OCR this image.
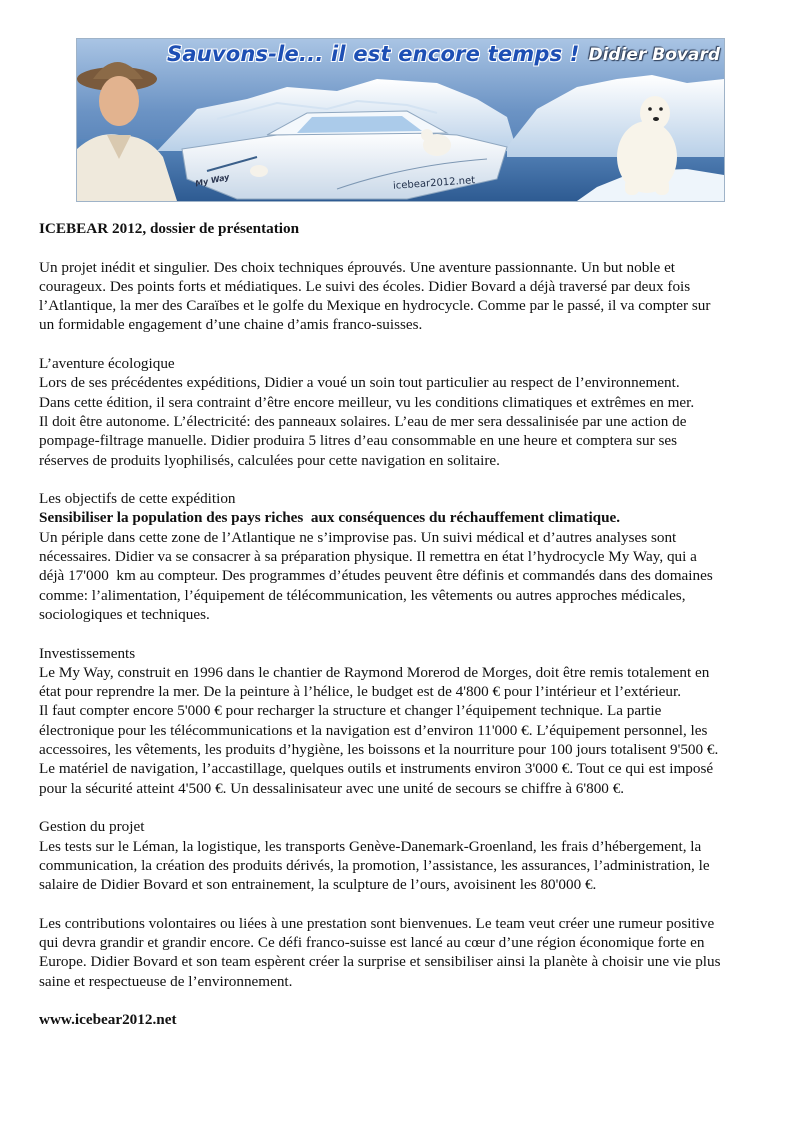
Sauvons-le... il est encore temps ! Didier Bovard
My Way	icebear2012.net

ICEBEAR 2012, dossier de présentation

Un projet inédit et singulier. Des choix techniques éprouvés. Une aventure passionnante. Un but noble et
courageux. Des points forts et médiatiques. Le suivi des écoles. Didier Bovard a déjà traversé par deux fois
l’Atlantique, la mer des Caraïbes et le golfe du Mexique en hydrocycle. Comme par le passé, il va compter sur
un formidable engagement d’une chaine d’amis franco-suisses.

L’aventure écologique
Lors de ses précédentes expéditions, Didier a voué un soin tout particulier au respect de l’environnement.
Dans cette édition, il sera contraint d’être encore meilleur, vu les conditions climatiques et extrêmes en mer.
Il doit être autonome. L’électricité: des panneaux solaires. L’eau de mer sera dessalinisée par une action de
pompage-filtrage manuelle. Didier produira 5 litres d’eau consommable en une heure et comptera sur ses
réserves de produits lyophilisés, calculées pour cette navigation en solitaire.

Les objectifs de cette expédition
Sensibiliser la population des pays riches  aux conséquences du réchauffement climatique.
Un périple dans cette zone de l’Atlantique ne s’improvise pas. Un suivi médical et d’autres analyses sont
nécessaires. Didier va se consacrer à sa préparation physique. Il remettra en état l’hydrocycle My Way, qui a
déjà 17'000  km au compteur. Des programmes d’études peuvent être définis et commandés dans des domaines
comme: l’alimentation, l’équipement de télécommunication, les vêtements ou autres approches médicales,
sociologiques et techniques.

Investissements
Le My Way, construit en 1996 dans le chantier de Raymond Morerod de Morges, doit être remis totalement en
état pour reprendre la mer. De la peinture à l’hélice, le budget est de 4'800 € pour l’intérieur et l’extérieur.
Il faut compter encore 5'000 € pour recharger la structure et changer l’équipement technique. La partie
électronique pour les télécommunications et la navigation est d’environ 11'000 €. L’équipement personnel, les
accessoires, les vêtements, les produits d’hygiène, les boissons et la nourriture pour 100 jours totalisent 9'500 €.
Le matériel de navigation, l’accastillage, quelques outils et instruments environ 3'000 €. Tout ce qui est imposé
pour la sécurité atteint 4'500 €. Un dessalinisateur avec une unité de secours se chiffre à 6'800 €.

Gestion du projet
Les tests sur le Léman, la logistique, les transports Genève-Danemark-Groenland, les frais d’hébergement, la
communication, la création des produits dérivés, la promotion, l’assistance, les assurances, l’administration, le
salaire de Didier Bovard et son entrainement, la sculpture de l’ours, avoisinent les 80'000 €.

Les contributions volontaires ou liées à une prestation sont bienvenues. Le team veut créer une rumeur positive
qui devra grandir et grandir encore. Ce défi franco-suisse est lancé au cœur d’une région économique forte en
Europe. Didier Bovard et son team espèrent créer la surprise et sensibiliser ainsi la planète à choisir une vie plus
saine et respectueuse de l’environnement.

www.icebear2012.net
